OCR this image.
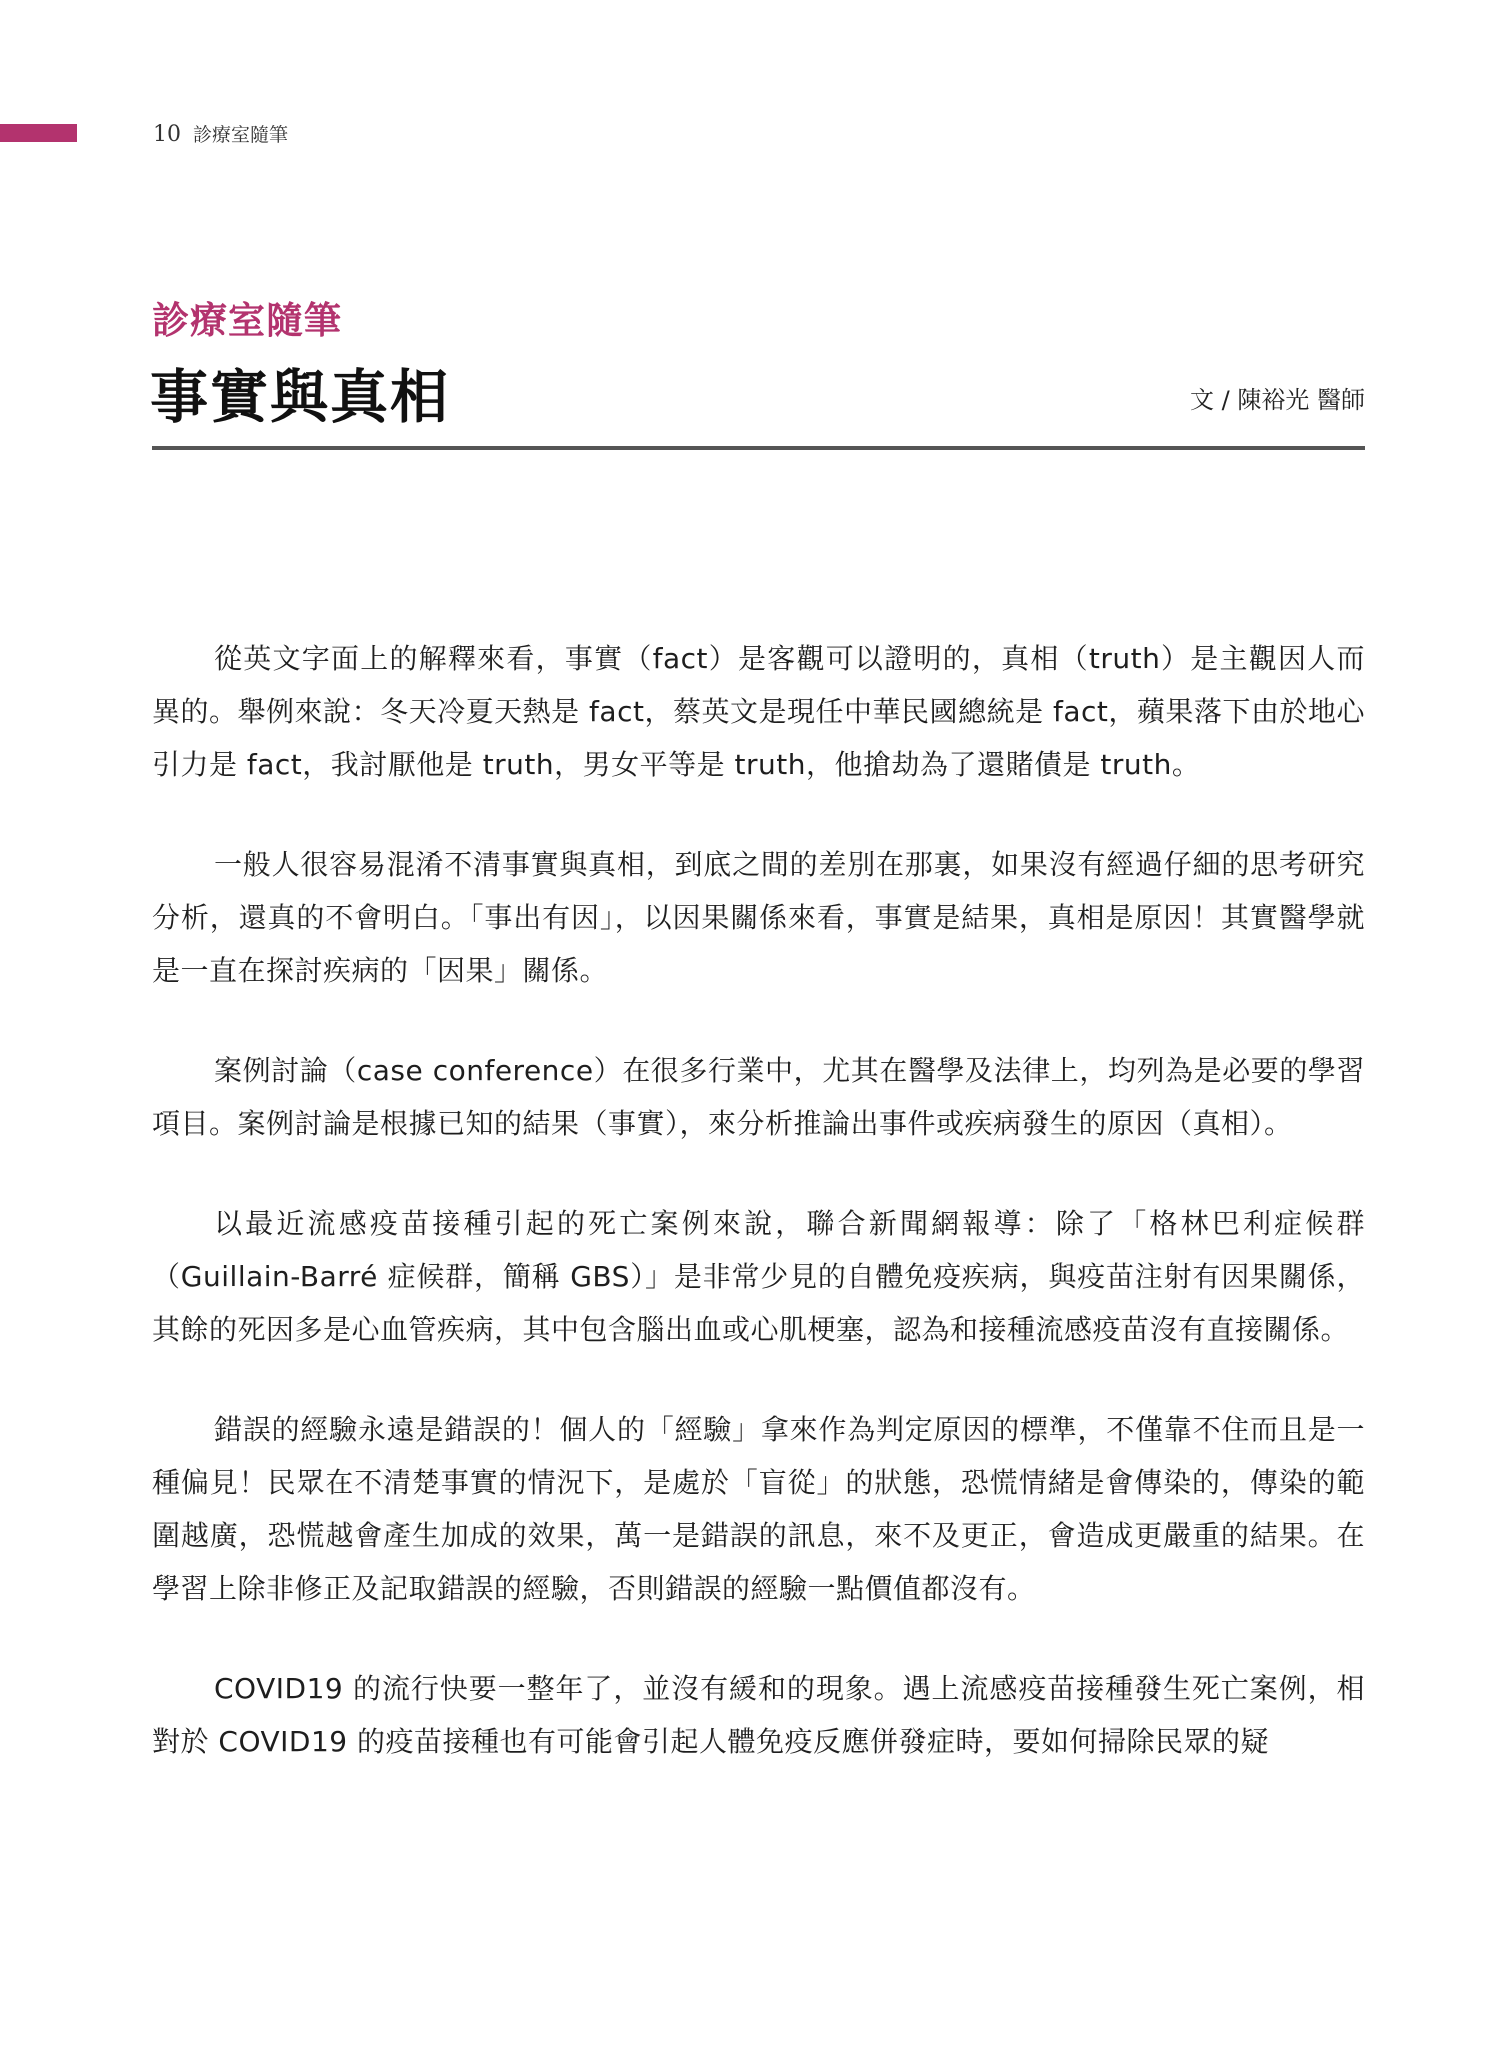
10 診療室隨筆
診療室隨筆
事實與真相	文 / 陳裕光 醫師

從英文字面上的解釋來看，事實（fact）是客觀可以證明的，真相（truth）是主觀因人而異的。舉例來說：冬天冷夏天熱是 fact，蔡英文是現任中華民國總統是 fact，蘋果落下由於地心引力是 fact，我討厭他是 truth，男女平等是 truth，他搶劫為了還賭債是 truth。

一般人很容易混淆不清事實與真相，到底之間的差別在那裏，如果沒有經過仔細的思考研究分析，還真的不會明白。「事出有因」，以因果關係來看，事實是結果，真相是原因！其實醫學就是一直在探討疾病的「因果」關係。

案例討論（case conference）在很多行業中，尤其在醫學及法律上，均列為是必要的學習項目。案例討論是根據已知的結果（事實），來分析推論出事件或疾病發生的原因（真相）。

以最近流感疫苗接種引起的死亡案例來說，聯合新聞網報導：除了「格林巴利症候群（Guillain-Barré 症候群，簡稱 GBS）」是非常少見的自體免疫疾病，與疫苗注射有因果關係，其餘的死因多是心血管疾病，其中包含腦出血或心肌梗塞，認為和接種流感疫苗沒有直接關係。

錯誤的經驗永遠是錯誤的！個人的「經驗」拿來作為判定原因的標準，不僅靠不住而且是一種偏見！民眾在不清楚事實的情況下，是處於「盲從」的狀態，恐慌情緒是會傳染的，傳染的範圍越廣，恐慌越會產生加成的效果，萬一是錯誤的訊息，來不及更正，會造成更嚴重的結果。在學習上除非修正及記取錯誤的經驗，否則錯誤的經驗一點價值都沒有。

COVID19 的流行快要一整年了，並沒有緩和的現象。遇上流感疫苗接種發生死亡案例，相對於 COVID19 的疫苗接種也有可能會引起人體免疫反應併發症時，要如何掃除民眾的疑
